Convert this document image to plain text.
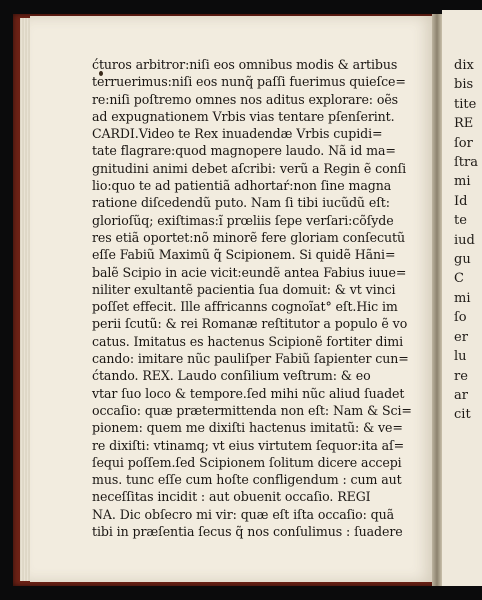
dix
bis
tite
RE
ſor
ſtra
mi
Id
te
iud
gu
C
mi
ſo
er
lu
re
ar
cit
ćturos arbitror:niſi eos omnibus modis & artibus
terruerimus:niſi eos nunq̃ paſſi fuerimus quieſce=
re:niſi poſtremo omnes nos aditus explorare: oẽs
ad expugnationem Vrbis vias tentare pſenſerint.
CARDI.Video te Rex inuadendæ Vrbis cupidi=
tate flagrare:quod magnopere laudo. Nã id ma=
gnitudini animi debet aſcribi: verũ a Regin ẽ conſi
lio:quo te ad patientiã adhortaŕ:non ſine magna
ratione diſcedendũ puto. Nam ſi tibi iucũdũ eſt:
glorioſũq; exiſtimas:ĩ prœliis ſepe verſari:cõſyde
res etiã oportet:nõ minorẽ fere gloriam conſecutũ
eſſe Fabiũ Maximũ q̃ Scipionem. Si quidẽ Hãni=
balẽ Scipio in acie vicit:eundẽ antea Fabius iuue=
niliter exultantẽ pacientia ſua domuit: & vt vinci
poſſet effecit. Ille affricanns cognoĩat° eſt.Hic im
perii ſcutũ: & rei Romanæ reſtitutor a populo ẽ vo
catus. Imitatus es hactenus Scipionẽ fortiter dimi
cando: imitare nũc pauliſper Fabiũ ſapienter cun=
ćtando. REX. Laudo conſilium veſtrum: & eo
vtar ſuo loco & tempore.ſed mihi nũc aliud ſuadet
occaſio: quæ prætermittenda non eſt: Nam & Sci=
pionem: quem me dixiſti hactenus imitatũ: & ve=
re dixiſti: vtinamq; vt eius virtutem ſequor:ita aſ=
ſequi poſſem.ſed Scipionem ſolitum dicere accepi
mus. tunc eſſe cum hoſte confligendum : cum aut
neceſſitas incidit : aut obuenit occaſio. REGI
NA. Dic obſecro mi vir: quæ eſt iſta occaſio: quã
tibi in præſentia ſecus q̃ nos conſulimus : ſuadere
